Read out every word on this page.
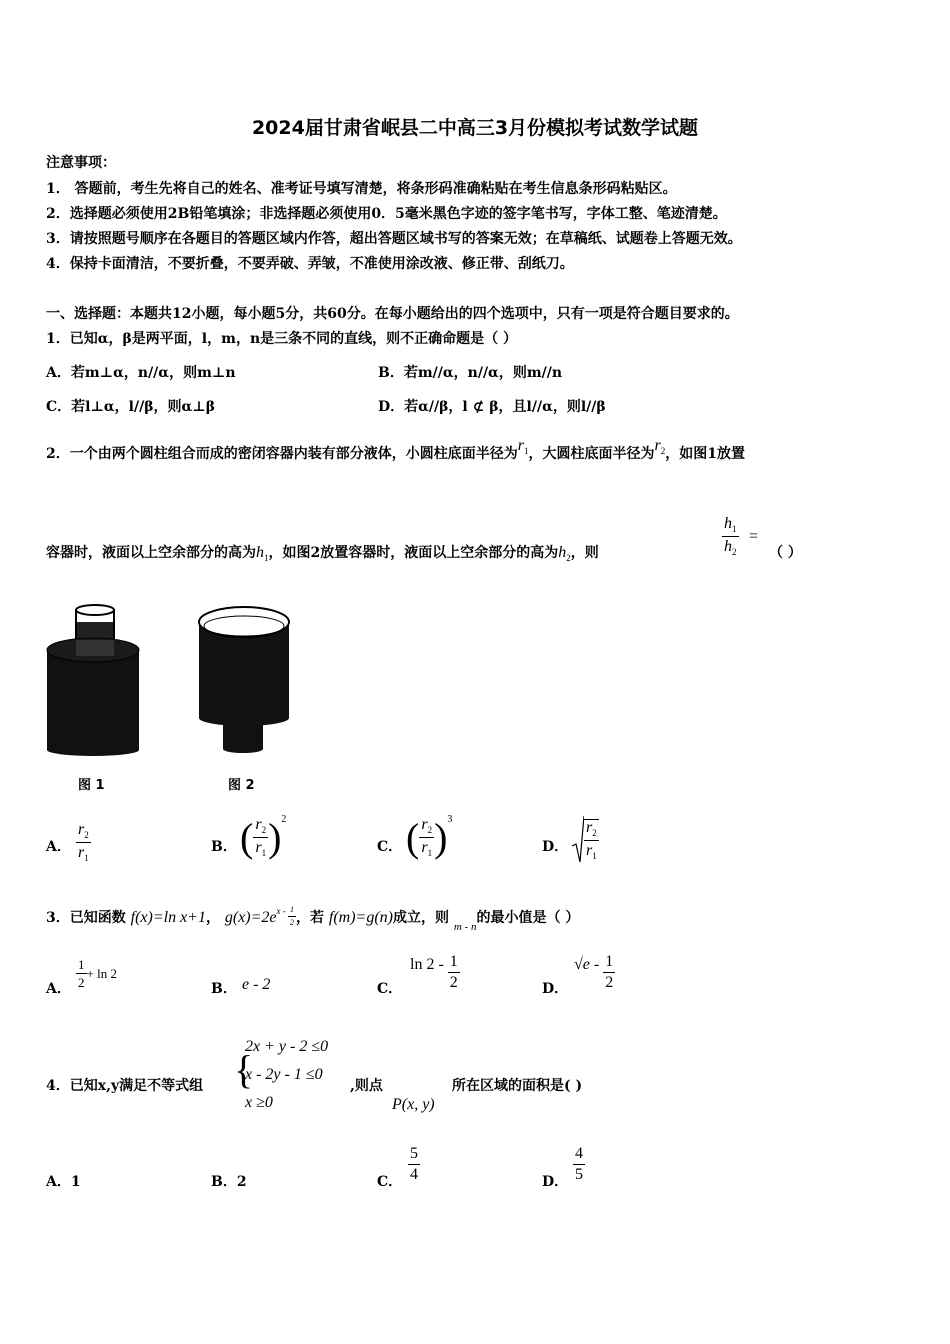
2024届甘肃省岷县二中高三3月份模拟考试数学试题
注意事项：
1． 答题前，考生先将自己的姓名、准考证号填写清楚，将条形码准确粘贴在考生信息条形码粘贴区。
2．选择题必须使用2B铅笔填涂；非选择题必须使用0．5毫米黑色字迹的签字笔书写，字体工整、笔迹清楚。
3．请按照题号顺序在各题目的答题区域内作答，超出答题区域书写的答案无效；在草稿纸、试题卷上答题无效。
4．保持卡面清洁，不要折叠，不要弄破、弄皱，不准使用涂改液、修正带、刮纸刀。
一、选择题：本题共12小题，每小题5分，共60分。在每小题给出的四个选项中，只有一项是符合题目要求的。
1．已知α，β是两平面，l，m，n是三条不同的直线，则不正确命题是（ ）
A．若m⊥α，n//α，则m⊥n	B．若m//α，n//α，则m//n
C．若l⊥α，l//β，则α⊥β	D．若α//β，l ⊄ β，且l//α，则l//β
2．一个由两个圆柱组合而成的密闭容器内装有部分液体，小圆柱底面半径为$r_1$，大圆柱底面半径为$r_2$，如图1放置
容器时，液面以上空余部分的高为$h_1$，如图2放置容器时，液面以上空余部分的高为$h_2$，则	$\frac{h_1}{h_2}$ =
（ ）
图 1	图 2
A． $\frac{r_2}{r_1}$	B． ( $\frac{r_2}{r_1} )^2$
C． ( $\frac{r_2}{r_1} )^3$
D． $\frac{r_2}{r_1}$
3．已知函数 f(x)=ln x+1， $g(x)=2e^{x -} \frac{1}{2}$ ，若 f(m)=g(n)成立，则 $_{m - n}$的最小值是（ ）
A． $\frac{1}{2} + \ln 2$
B． e - 2	C．
$\ln 2 - \frac{1}{2}$	D．
$√e - \frac{1}{2}$
4．已知x,y满足不等式组 {
2x + y - 2 ≤0
x - 2y - 1 ≤0
x ≥0
,则点
P(x, y)
所在区域的面积是( )
A．1	B．2	C． $\frac{5}{4}$	D． $\frac{4}{5}$
